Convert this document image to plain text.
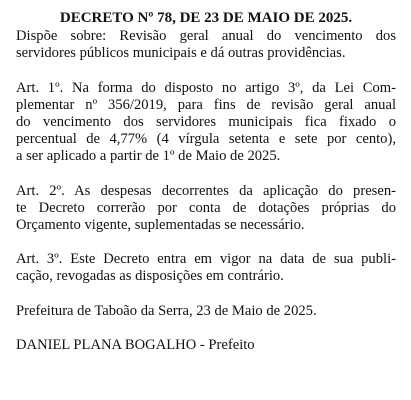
DECRETO Nº 78, DE 23 DE MAIO DE 2025.
Dispõe sobre: Revisão geral anual do vencimento dos
servidores públicos municipais e dá outras providências.
Art. 1º. Na forma do disposto no artigo 3º, da Lei Com-
plementar nº 356/2019, para fins de revisão geral anual
do vencimento dos servidores municipais fica fixado o
percentual de 4,77% (4 vírgula setenta e sete por cento),
a ser aplicado a partir de 1º de Maio de 2025.
Art. 2º. As despesas decorrentes da aplicação do presen-
te Decreto correrão por conta de dotações próprias do
Orçamento vigente, suplementadas se necessário.
Art. 3º. Este Decreto entra em vigor na data de sua publi-
cação, revogadas as disposições em contrário.
Prefeitura de Taboão da Serra, 23 de Maio de 2025.
DANIEL PLANA BOGALHO - Prefeito
